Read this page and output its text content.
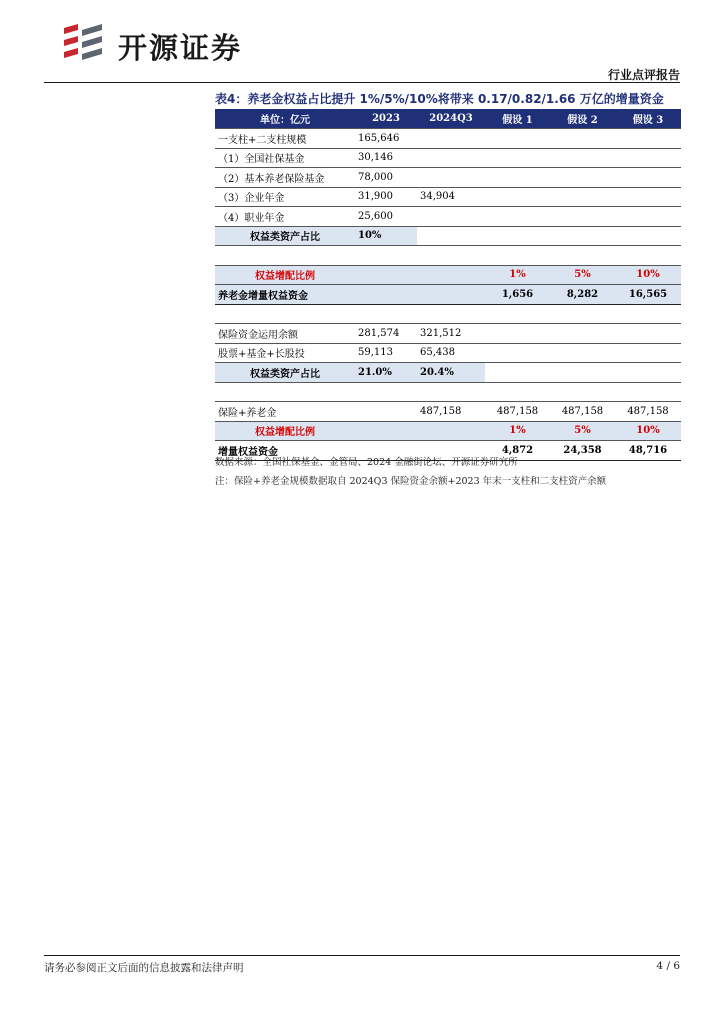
开源证券
行业点评报告
表4：养老金权益占比提升 1%/5%/10%将带来 0.17/0.82/1.66 万亿的增量资金
单位：亿元	2023	2024Q3	假设 1	假设 2	假设 3
一支柱+二支柱规模	165,646				
（1）全国社保基金	30,146				
（2）基本养老保险基金	78,000				
（3）企业年金	31,900	34,904			
（4）职业年金	25,600				
权益类资产占比	10%				

权益增配比例			1%	5%	10%
养老金增量权益资金			1,656	8,282	16,565

保险资金运用余额	281,574	321,512			
股票+基金+长股投	59,113	65,438			
权益类资产占比	21.0%	20.4%			

保险+养老金		487,158	487,158	487,158	487,158
权益增配比例			1%	5%	10%
增量权益资金			4,872	24,358	48,716
数据来源：全国社保基金、金管局、2024 金融街论坛、开源证券研究所
注：保险+养老金规模数据取自 2024Q3 保险资金余额+2023 年末一支柱和二支柱资产余额
请务必参阅正文后面的信息披露和法律声明	4 / 6
